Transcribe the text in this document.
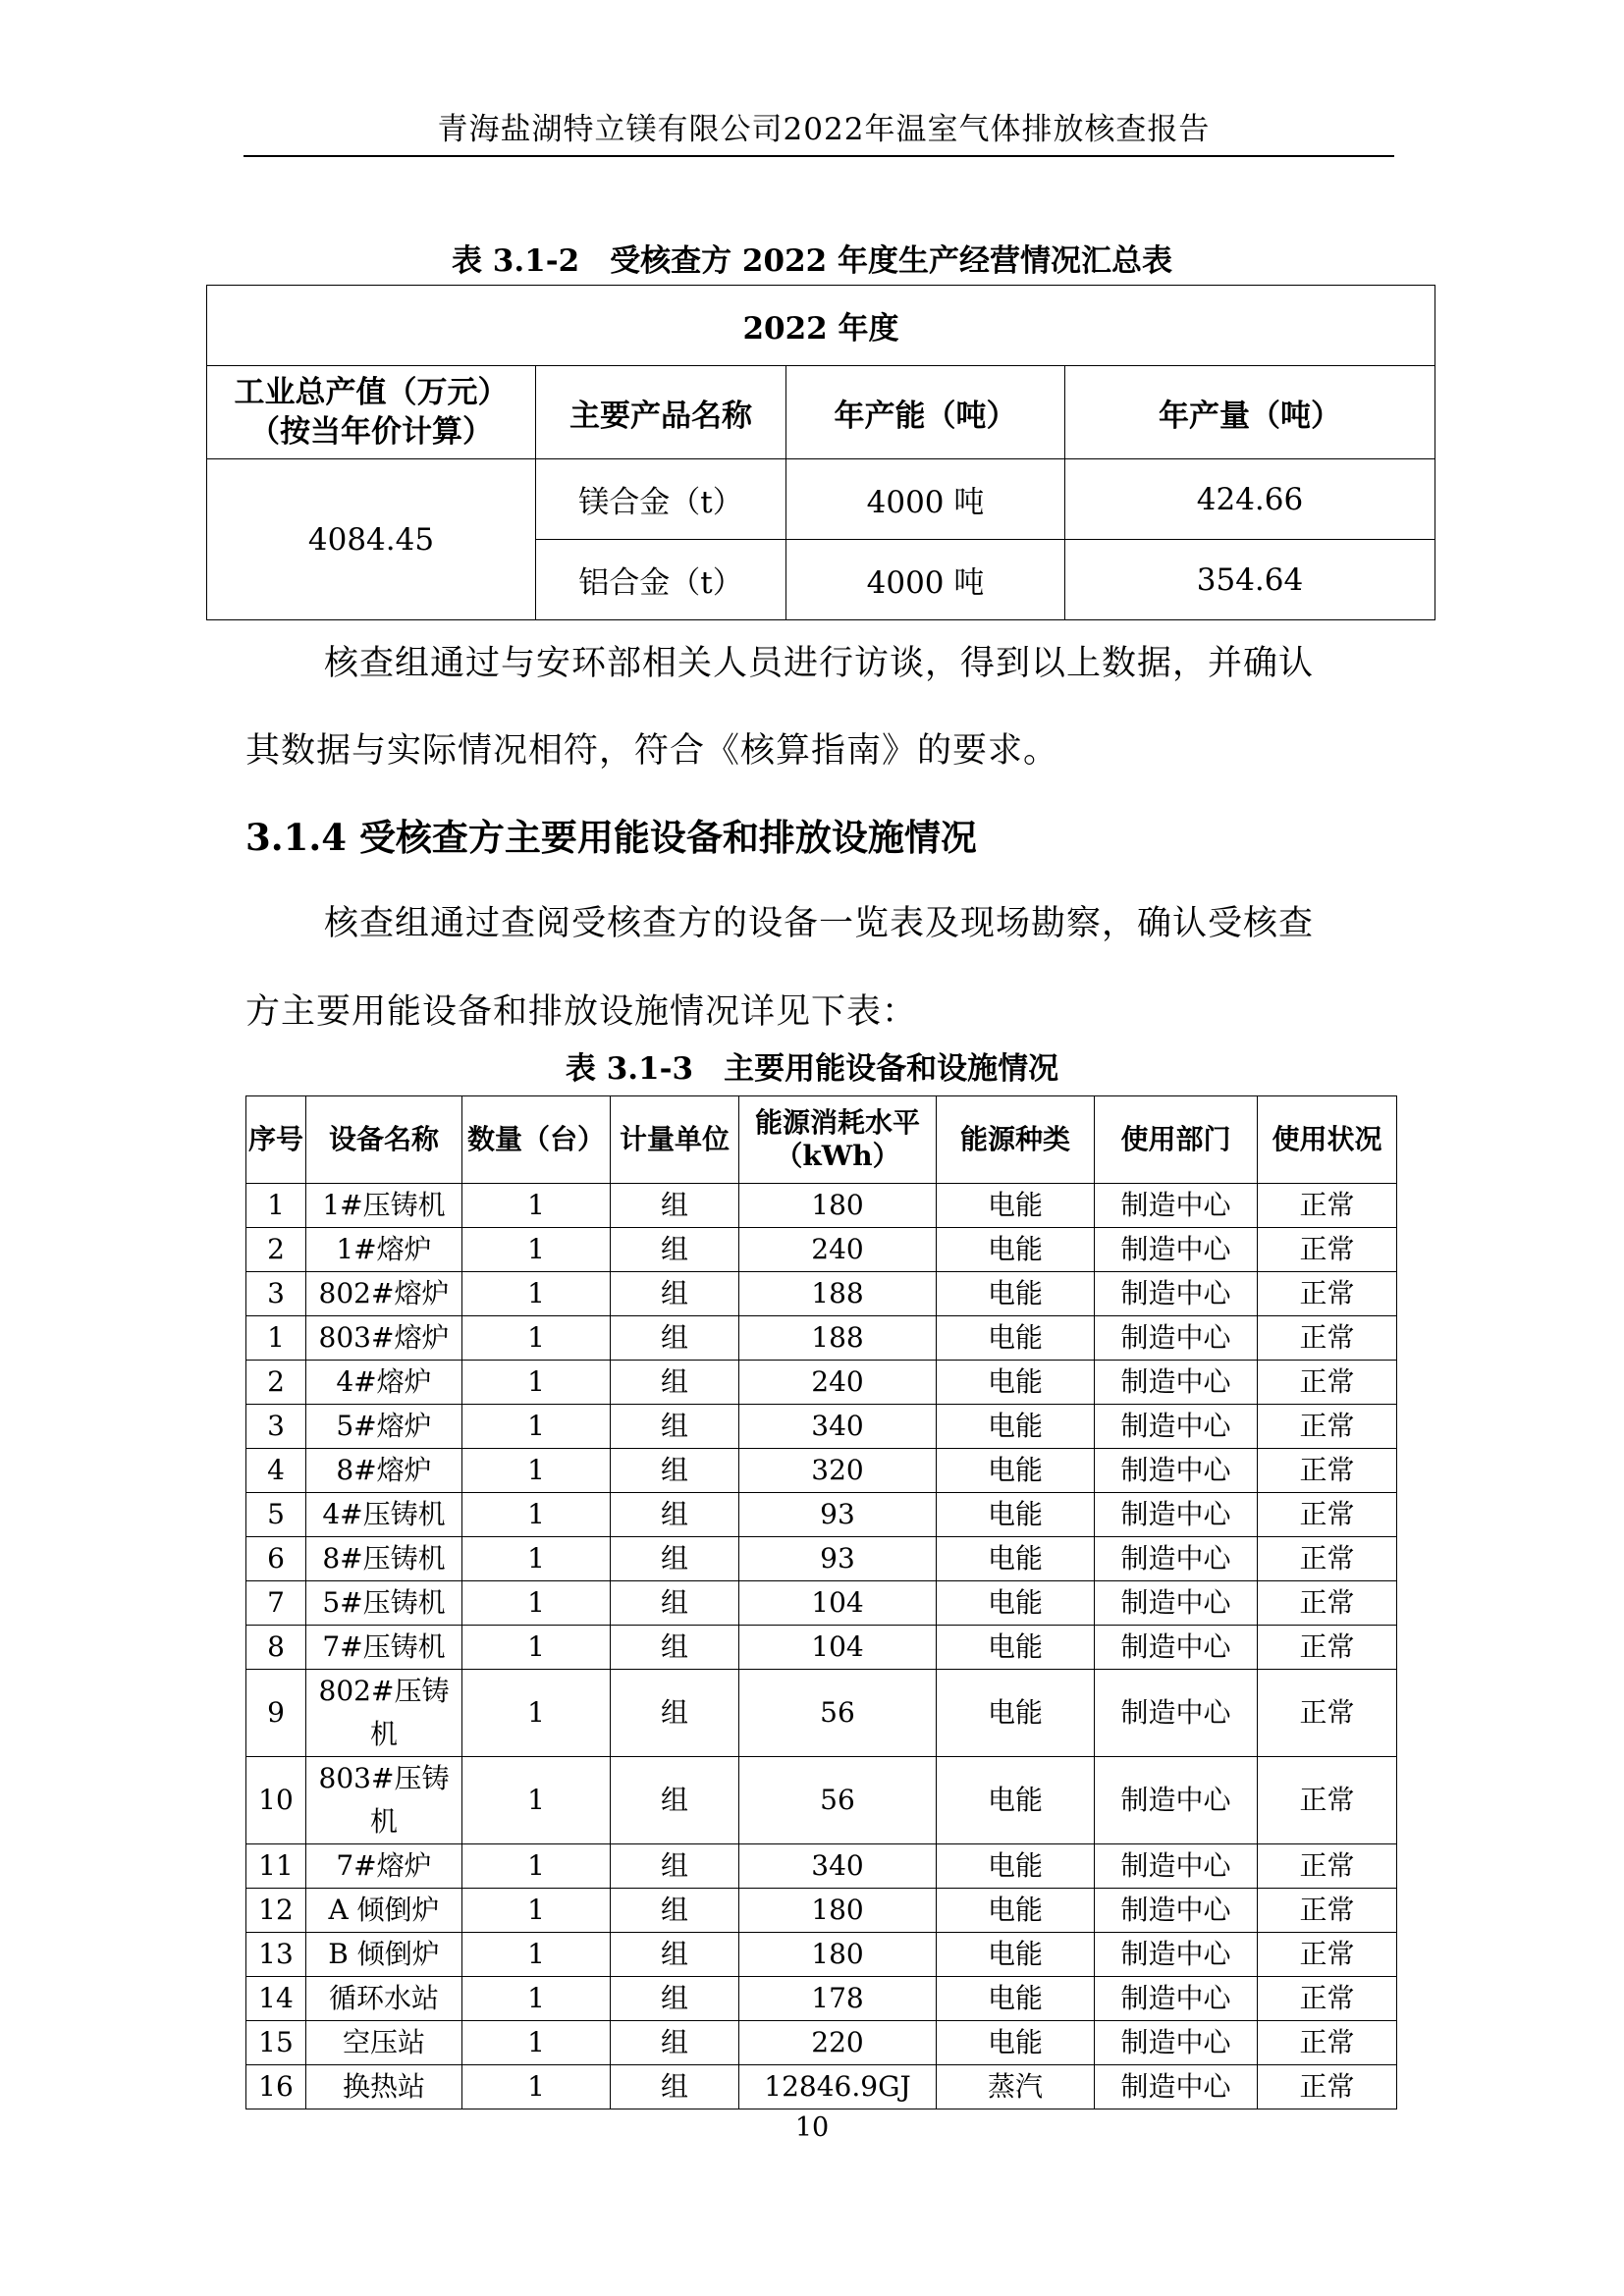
青海盐湖特立镁有限公司2022年温室气体排放核查报告
表 3.1-2　受核查方 2022 年度生产经营情况汇总表
2022 年度			

工业总产值（万元）
（按当年价计算）	主要产品名称	年产能（吨）	年产量（吨）
4084.45	镁合金（t）	4000 吨	424.66
	铝合金（t）	4000 吨	354.64
核查组通过与安环部相关人员进行访谈，得到以上数据，并确认
其数据与实际情况相符，符合《核算指南》的要求。
3.1.4 受核查方主要用能设备和排放设施情况
核查组通过查阅受核查方的设备一览表及现场勘察，确认受核查
方主要用能设备和排放设施情况详见下表：
表 3.1-3　主要用能设备和设施情况
序号	设备名称	数量（台）	计量单位	能源消耗水平
（kWh）	能源种类	使用部门	使用状况
1	1#压铸机	1	组	180	电能	制造中心	正常
2	1#熔炉	1	组	240	电能	制造中心	正常
3	802#熔炉	1	组	188	电能	制造中心	正常
1	803#熔炉	1	组	188	电能	制造中心	正常
2	4#熔炉	1	组	240	电能	制造中心	正常
3	5#熔炉	1	组	340	电能	制造中心	正常
4	8#熔炉	1	组	320	电能	制造中心	正常
5	4#压铸机	1	组	93	电能	制造中心	正常
6	8#压铸机	1	组	93	电能	制造中心	正常
7	5#压铸机	1	组	104	电能	制造中心	正常
8	7#压铸机	1	组	104	电能	制造中心	正常
9	802#压铸机	1	组	56	电能	制造中心	正常
10	803#压铸机	1	组	56	电能	制造中心	正常
11	7#熔炉	1	组	340	电能	制造中心	正常
12	A 倾倒炉	1	组	180	电能	制造中心	正常
13	B 倾倒炉	1	组	180	电能	制造中心	正常
14	循环水站	1	组	178	电能	制造中心	正常
15	空压站	1	组	220	电能	制造中心	正常
16	换热站	1	组	12846.9GJ	蒸汽	制造中心	正常
10
